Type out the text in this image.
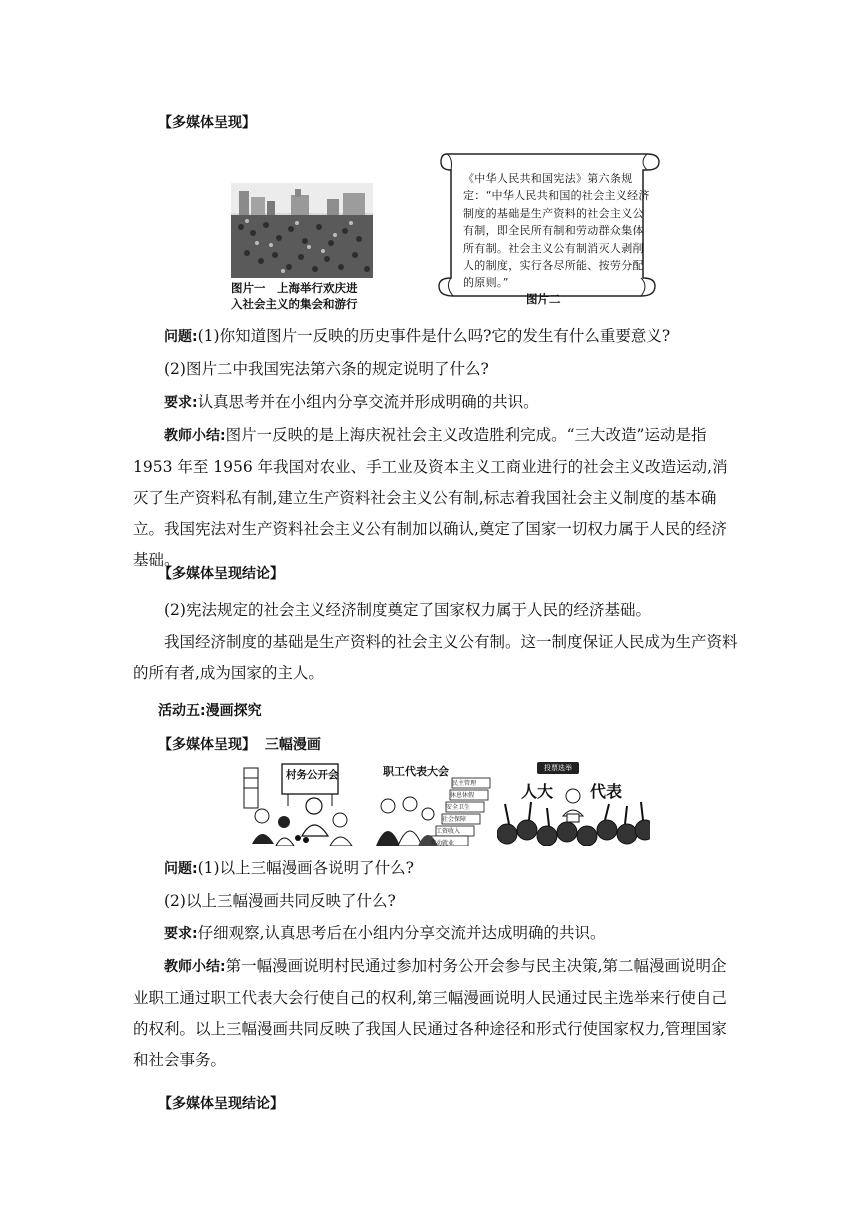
【多媒体呈现】
图片一　上海举行欢庆进
入社会主义的集会和游行
《中华人民共和国宪法》第六条规定：“中华人民共和国的社会主义经济制度的基础是生产资料的社会主义公有制，即全民所有制和劳动群众集体所有制。社会主义公有制消灭人剥削人的制度，实行各尽所能、按劳分配的原则。”
图片二

问题:(1)你知道图片一反映的历史事件是什么吗?它的发生有什么重要意义?

(2)图片二中我国宪法第六条的规定说明了什么?

要求:认真思考并在小组内分享交流并形成明确的共识。

教师小结:图片一反映的是上海庆祝社会主义改造胜利完成。“三大改造”运动是指 1953 年至 1956 年我国对农业、手工业及资本主义工商业进行的社会主义改造运动,消灭了生产资料私有制,建立生产资料社会主义公有制,标志着我国社会主义制度的基本确立。我国宪法对生产资料社会主义公有制加以确认,奠定了国家一切权力属于人民的经济基础。

【多媒体呈现结论】

(2)宪法规定的社会主义经济制度奠定了国家权力属于人民的经济基础。

我国经济制度的基础是生产资料的社会主义公有制。这一制度保证人民成为生产资料的所有者,成为国家的主人。

活动五:漫画探究
【多媒体呈现】 三幅漫画
村务公开会	职工代表大会
民主管理
休息休假
安全卫生
社会保障
工资收入
劳动就业
投票选举
人大 代表

问题:(1)以上三幅漫画各说明了什么?

(2)以上三幅漫画共同反映了什么?

要求:仔细观察,认真思考后在小组内分享交流并达成明确的共识。

教师小结:第一幅漫画说明村民通过参加村务公开会参与民主决策,第二幅漫画说明企业职工通过职工代表大会行使自己的权利,第三幅漫画说明人民通过民主选举来行使自己的权利。以上三幅漫画共同反映了我国人民通过各种途径和形式行使国家权力,管理国家和社会事务。

【多媒体呈现结论】
